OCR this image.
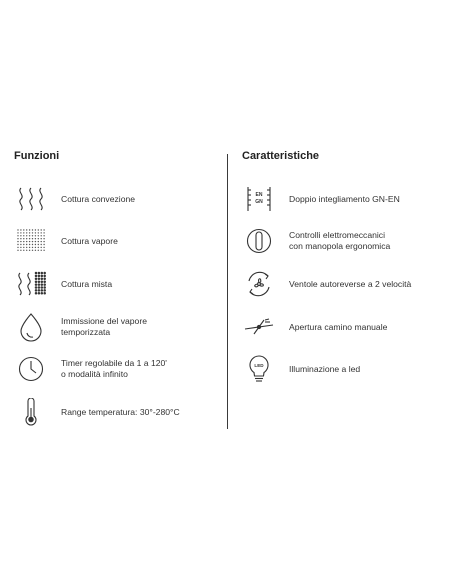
Funzioni
Cottura convezione
Cottura vapore
Cottura mista
Immissione del vapore
temporizzata
Timer regolabile da 1 a 120'
o modalità infinito
Range temperatura: 30°-280°C
Caratteristiche
EN
GN	Doppio integliamento GN-EN
Controlli elettromeccanici
con manopola ergonomica
Ventole autoreverse a 2 velocità
Apertura camino manuale
LED	Illuminazione a led
